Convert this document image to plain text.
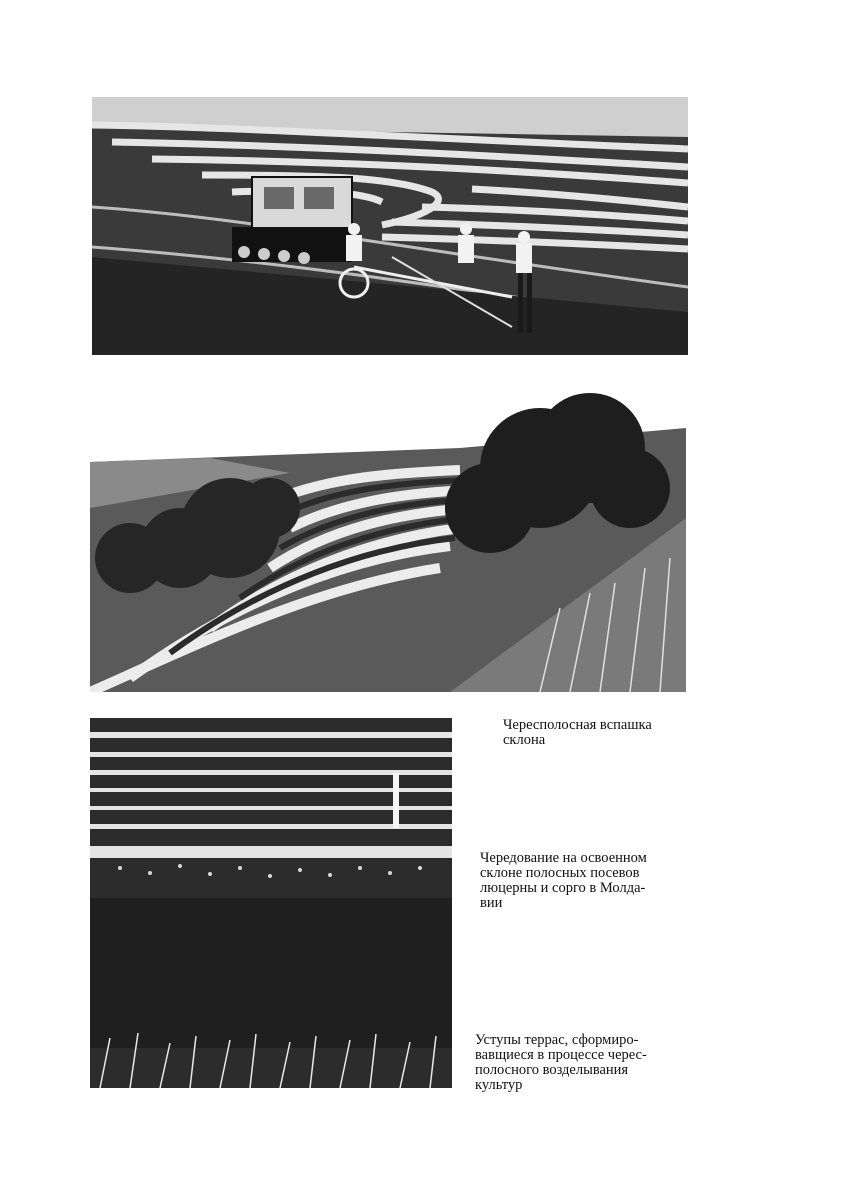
Чересполосная вспашка
склона
Чередование на освоенном
склоне полосных посевов
люцерны и сорго в Молда-
вии
Уступы террас, сформиро-
вавщиеся в процессе черес-
полосного возделывания
культур
